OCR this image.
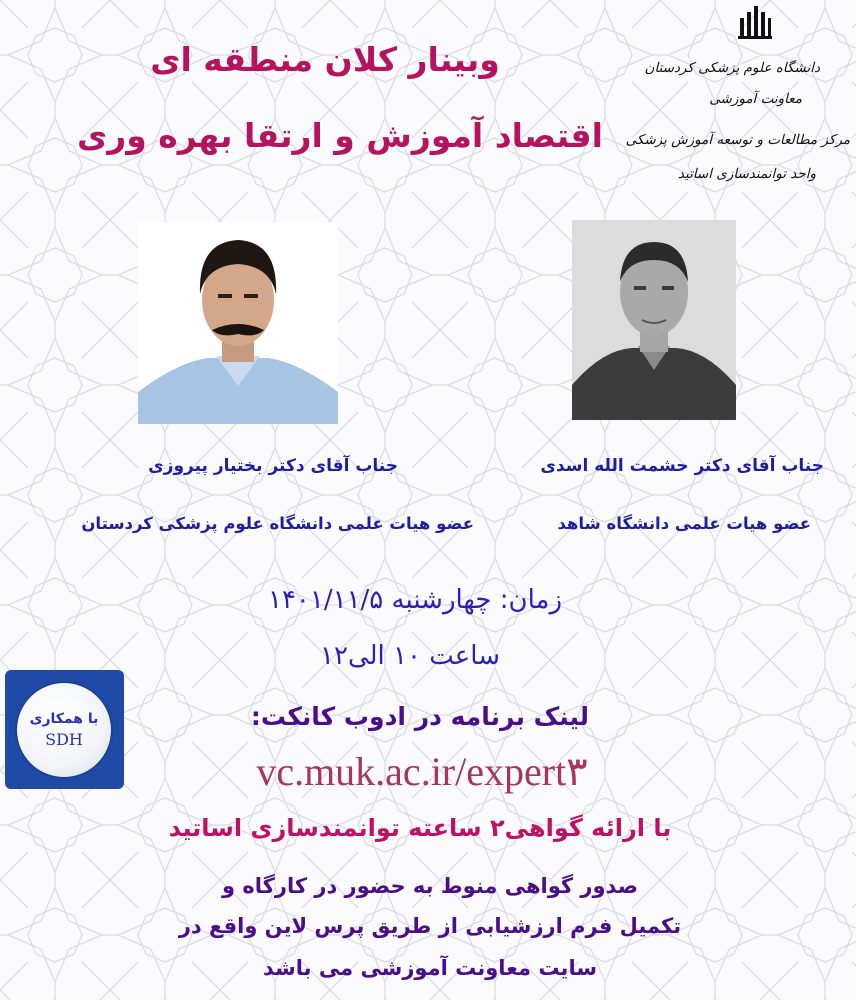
وبینار کلان منطقه ای
اقتصاد آموزش و ارتقا بهره وری
دانشگاه علوم پزشکی کردستان
معاونت آموزشی
مرکز مطالعات و توسعه آموزش پزشکی
واحد توانمندسازی اساتید
جناب آقای دکتر حشمت الله اسدی
جناب آقای دکتر بختیار پیروزی
عضو هیات علمی دانشگاه شاهد
عضو هیات علمی دانشگاه علوم پزشکی کردستان
زمان: چهارشنبه ۱۴۰۱/۱۱/۵
ساعت ۱۰ الی۱۲
با همکاری
SDH
لینک برنامه در ادوب کانکت:
vc.muk.ac.ir/expert۳
با ارائه گواهی۲ ساعته توانمندسازی اساتید
صدور گواهی منوط به حضور در کارگاه و
تکمیل فرم ارزشیابی از طریق پرس لاین واقع در
سایت معاونت آموزشی می باشد
